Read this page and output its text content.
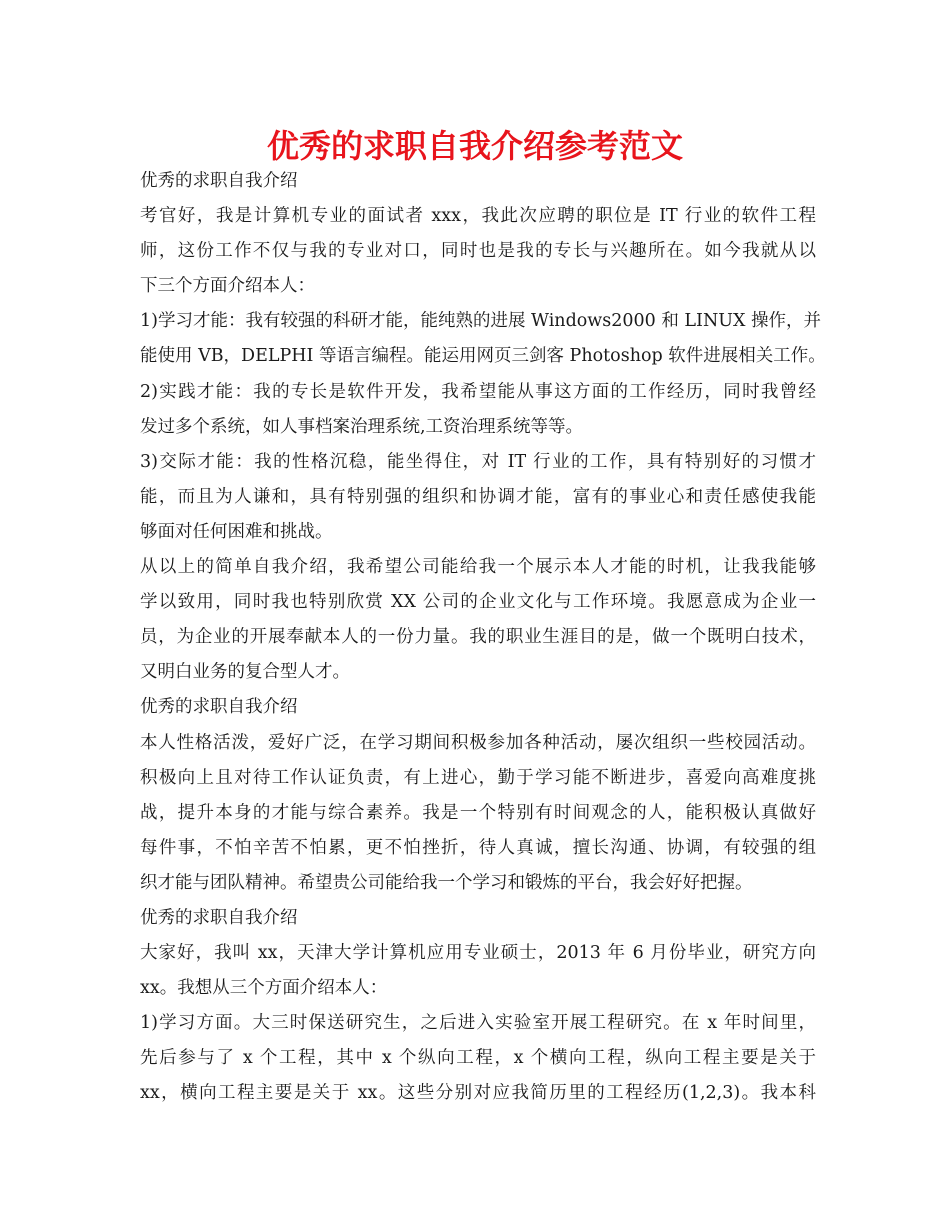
优秀的求职自我介绍参考范文
优秀的求职自我介绍
考官好，我是计算机专业的面试者 xxx，我此次应聘的职位是 IT 行业的软件工程
师，这份工作不仅与我的专业对口，同时也是我的专长与兴趣所在。如今我就从以
下三个方面介绍本人：
1)学习才能：我有较强的科研才能，能纯熟的进展 Windows2000 和 LINUX 操作，并
能使用 VB，DELPHI 等语言编程。能运用网页三剑客 Photoshop 软件进展相关工作。
2)实践才能：我的专长是软件开发，我希望能从事这方面的工作经历，同时我曾经
发过多个系统，如人事档案治理系统,工资治理系统等等。
3)交际才能：我的性格沉稳，能坐得住，对 IT 行业的工作，具有特别好的习惯才
能，而且为人谦和，具有特别强的组织和协调才能，富有的事业心和责任感使我能
够面对任何困难和挑战。
从以上的简单自我介绍，我希望公司能给我一个展示本人才能的时机，让我我能够
学以致用，同时我也特别欣赏 XX 公司的企业文化与工作环境。我愿意成为企业一
员，为企业的开展奉献本人的一份力量。我的职业生涯目的是，做一个既明白技术，
又明白业务的复合型人才。
优秀的求职自我介绍
本人性格活泼，爱好广泛，在学习期间积极参加各种活动，屡次组织一些校园活动。
积极向上且对待工作认证负责，有上进心，勤于学习能不断进步，喜爱向高难度挑
战，提升本身的才能与综合素养。我是一个特别有时间观念的人，能积极认真做好
每件事，不怕辛苦不怕累，更不怕挫折，待人真诚，擅长沟通、协调，有较强的组
织才能与团队精神。希望贵公司能给我一个学习和锻炼的平台，我会好好把握。
优秀的求职自我介绍
大家好，我叫 xx，天津大学计算机应用专业硕士，2013 年 6 月份毕业，研究方向
xx。我想从三个方面介绍本人：
1)学习方面。大三时保送研究生，之后进入实验室开展工程研究。在 x 年时间里，
先后参与了 x 个工程，其中 x 个纵向工程，x 个横向工程，纵向工程主要是关于
xx，横向工程主要是关于 xx。这些分别对应我简历里的工程经历(1,2,3)。我本科
